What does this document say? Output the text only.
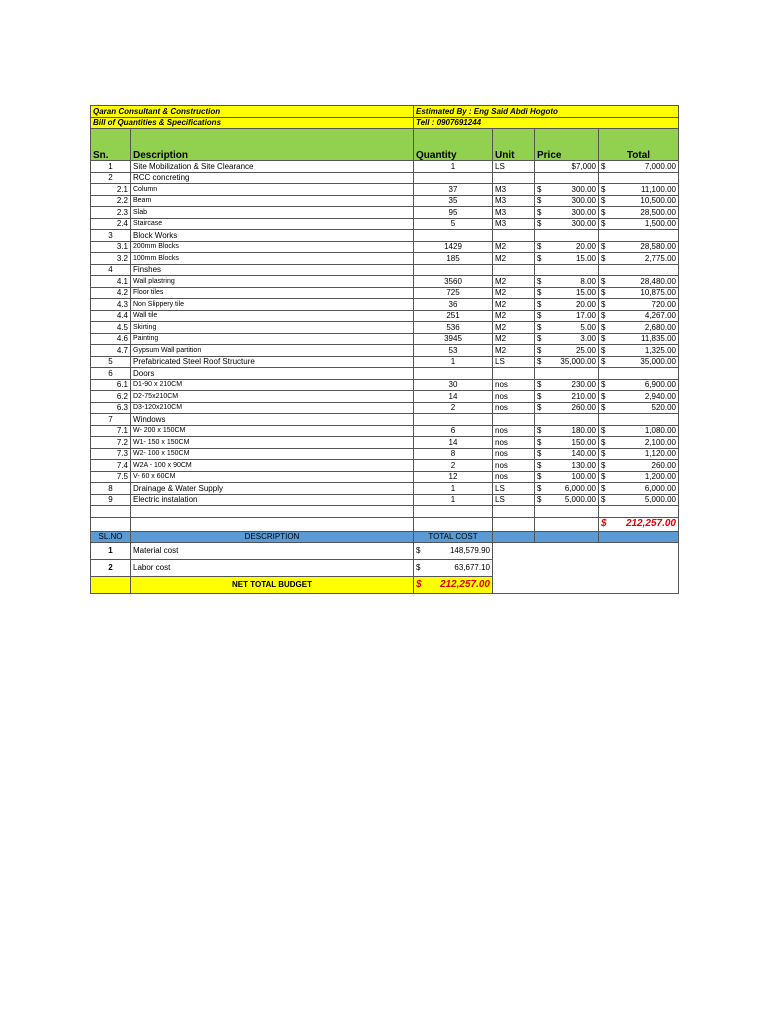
Qaran Consultant & Construction		Estimated By : Eng Said Abdi Hogoto			
Bill of Quantities & Specifications		Tell : 0907691244			
Sn.	Description	Quantity	Unit	Price	Total
1	Site Mobilization & Site Clearance	1	LS	$7,000	$ 7,000.00

2	RCC concreting				
2.1	Column	37	M3	$ 300.00	$ 11,100.00

2.2	Beam	35	M3	$ 300.00	$ 10,500.00

2.3	Slab	95	M3	$ 300.00	$ 28,500.00

2.4	Staircase	5	M3	$ 300.00	$ 1,500.00

3	Block Works				
3.1	200mm Blocks	1429	M2	$ 20.00	$ 28,580.00

3.2	100mm Blocks	185	M2	$ 15.00	$ 2,775.00

4	Finshes				
4.1	Wall plastring	3560	M2	$ 8.00	$ 28,480.00

4.2	Floor tiles	725	M2	$ 15.00	$ 10,875.00

4.3	Non Slippery tile	36	M2	$ 20.00	$ 720.00

4.4	Wall tile	251	M2	$ 17.00	$ 4,267.00

4.5	Skirting	536	M2	$ 5.00	$ 2,680.00

4.6	Painting	3945	M2	$ 3.00	$ 11,835.00

4.7	Gypsum Wall partition	53	M2	$ 25.00	$ 1,325.00

5	Prefabricated Steel Roof Structure	1	LS	$ 35,000.00	$ 35,000.00

6	Doors				
6.1	D1-90 x 210CM	30	nos	$ 230.00	$ 6,900.00

6.2	D2-75x210CM	14	nos	$ 210.00	$ 2,940.00

6.3	D3-120x210CM	2	nos	$ 260.00	$ 520.00

7	Windows				
7.1	W- 200 x 150CM	6	nos	$ 180.00	$ 1,080.00

7.2	W1- 150 x 150CM	14	nos	$ 150.00	$ 2,100.00

7.3	W2- 100 x 150CM	8	nos	$ 140.00	$ 1,120.00

7.4	W2A - 100 x 90CM	2	nos	$ 130.00	$ 260.00

7.5	V- 60 x 60CM	12	nos	$ 100.00	$ 1,200.00

8	Drainage & Water Supply	1	LS	$ 6,000.00	$ 6,000.00

9	Electric instalation	1	LS	$ 5,000.00	$ 5,000.00

					$ 212,257.00

SL.NO	DESCRIPTION	TOTAL COST			
1	Material cost	$ 148,579.90			

2	Labor cost	$ 63,677.10			

	NET TOTAL BUDGET	$ 212,257.00			
